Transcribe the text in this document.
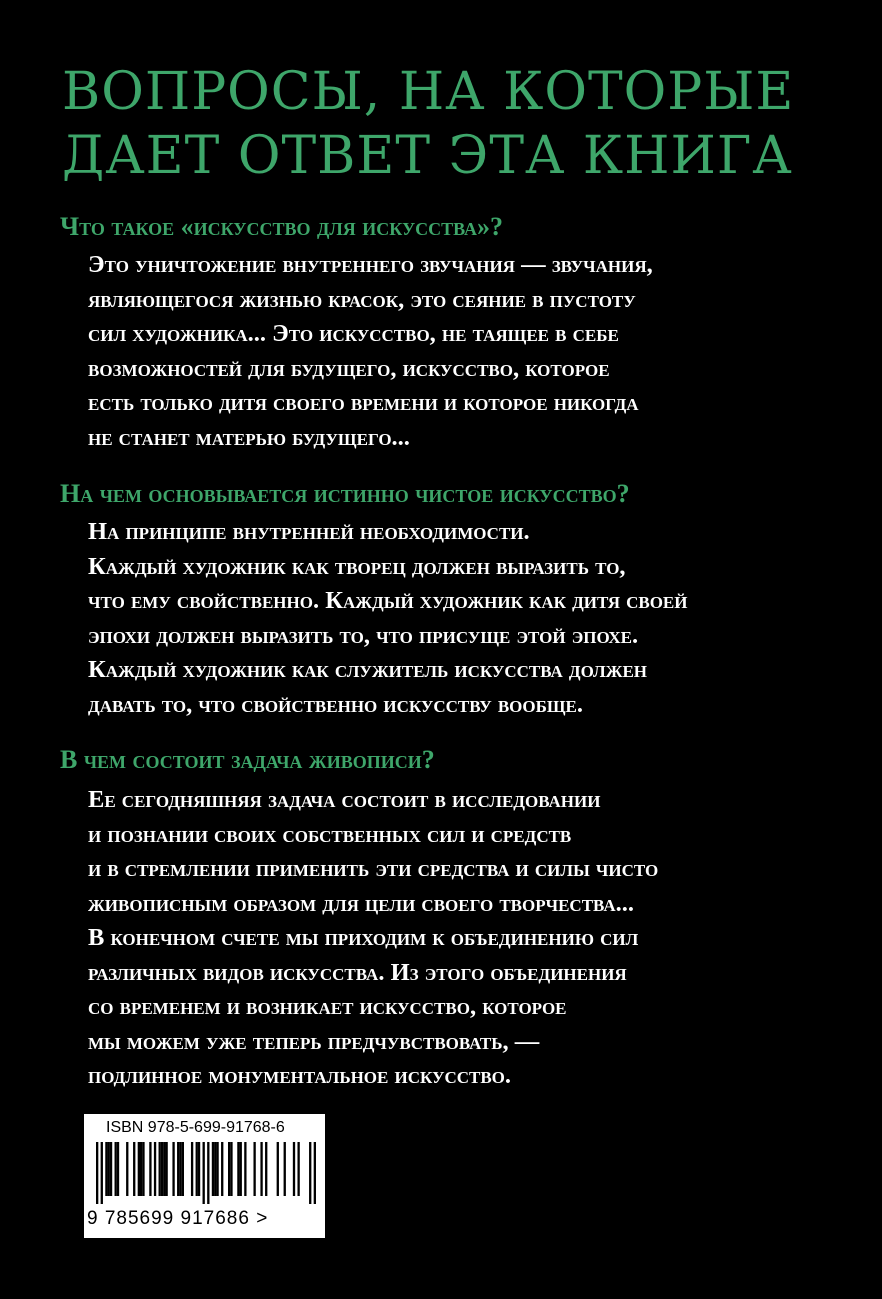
ВОПРОСЫ, НА КОТОРЫЕ
ДАЕТ ОТВЕТ ЭТА КНИГА
Что такое «искусство для искусства»?
Это уничтожение внутреннего звучания — звучания,
являющегося жизнью красок, это сеяние в пустоту
сил художника... Это искусство, не таящее в себе
возможностей для будущего, искусство, которое
есть только дитя своего времени и которое никогда
не станет матерью будущего...
На чем основывается истинно чистое искусство?
На принципе внутренней необходимости.
Каждый художник как творец должен выразить то,
что ему свойственно. Каждый художник как дитя своей
эпохи должен выразить то, что присуще этой эпохе.
Каждый художник как служитель искусства должен
давать то, что свойственно искусству вообще.
В чем состоит задача живописи?
Ее сегодняшняя задача состоит в исследовании
и познании своих собственных сил и средств
и в стремлении применить эти средства и силы чисто
живописным образом для цели своего творчества...
В конечном счете мы приходим к объединению сил
различных видов искусства. Из этого объединения
со временем и возникает искусство, которое
мы можем уже теперь предчувствовать, —
подлинное монументальное искусство.
ISBN 978-5-699-91768-6
9 785699 917686 >
